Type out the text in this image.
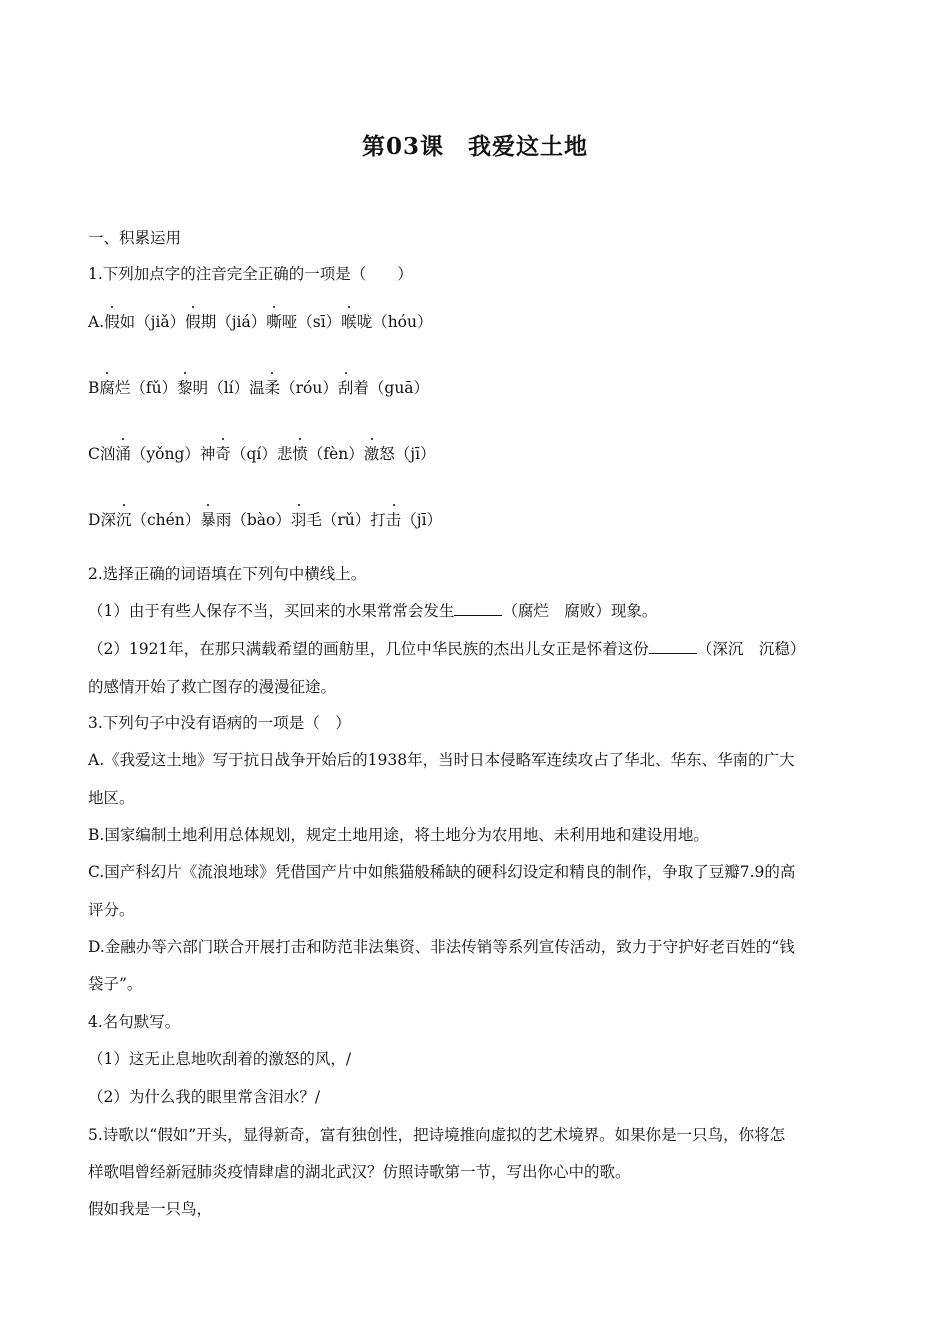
第03课　我爱这土地
一、积累运用
1.下列加点字的注音完全正确的一项是（　　）
A.假如（jiǎ）假期（jiá）嘶哑（sī）喉咙（hóu）
B腐烂（fǔ）黎明（lí）温柔（róu）刮着（guā）
C汹涌（yǒng）神奇（qí）悲愤（fèn）激怒（jī）
D深沉（chén）暴雨（bào）羽毛（rǔ）打击（jī）
2.选择正确的词语填在下列句中横线上。
（1）由于有些人保存不当，买回来的水果常常会发生	（腐烂　腐败）现象。
（2）1921年，在那只满载希望的画舫里，几位中华民族的杰出儿女正是怀着这份	（深沉　沉稳）
的感情开始了救亡图存的漫漫征途。
3.下列句子中没有语病的一项是（　）
A.《我爱这土地》写于抗日战争开始后的1938年，当时日本侵略军连续攻占了华北、华东、华南的广大
地区。
B.国家编制土地利用总体规划，规定土地用途，将土地分为农用地、未利用地和建设用地。
C.国产科幻片《流浪地球》凭借国产片中如熊猫般稀缺的硬科幻设定和精良的制作，争取了豆瓣7.9的高
评分。
D.金融办等六部门联合开展打击和防范非法集资、非法传销等系列宣传活动，致力于守护好老百姓的“钱
袋子”。
4.名句默写。
（1）这无止息地吹刮着的激怒的风，/
（2）为什么我的眼里常含泪水？/
5.诗歌以“假如”开头，显得新奇，富有独创性，把诗境推向虚拟的艺术境界。如果你是一只鸟，你将怎
样歌唱曾经新冠肺炎疫情肆虐的湖北武汉？仿照诗歌第一节，写出你心中的歌。
假如我是一只鸟，
